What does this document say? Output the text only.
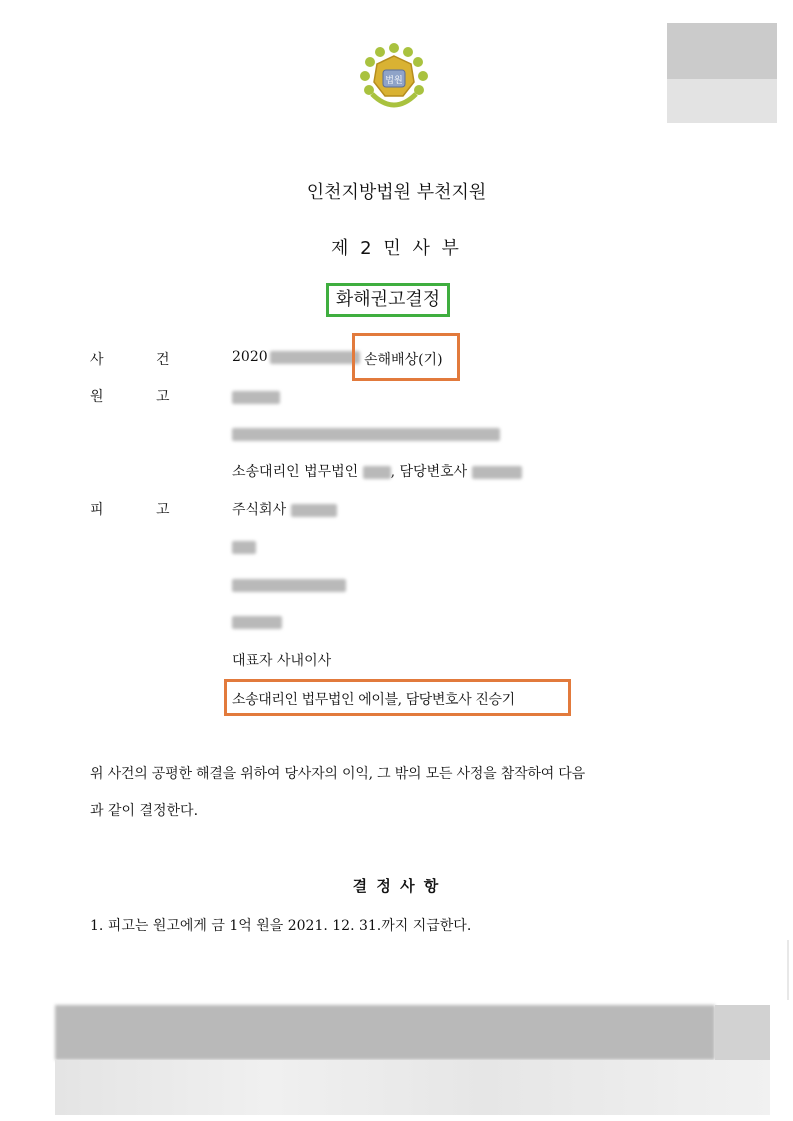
법원
인천지방법원 부천지원
제 2 민 사 부
화해권고결정
사	건	2020	손해배상(기)
원	고
소송대리인 법무법인 , 담당변호사
피	고	주식회사
대표자 사내이사
소송대리인 법무법인 에이블, 담당변호사 진승기
위 사건의 공평한 해결을 위하여 당사자의 이익, 그 밖의 모든 사정을 참작하여 다음
과 같이 결정한다.
결 정 사 항
1. 피고는 원고에게 금 1억 원을 2021. 12. 31.까지 지급한다.
